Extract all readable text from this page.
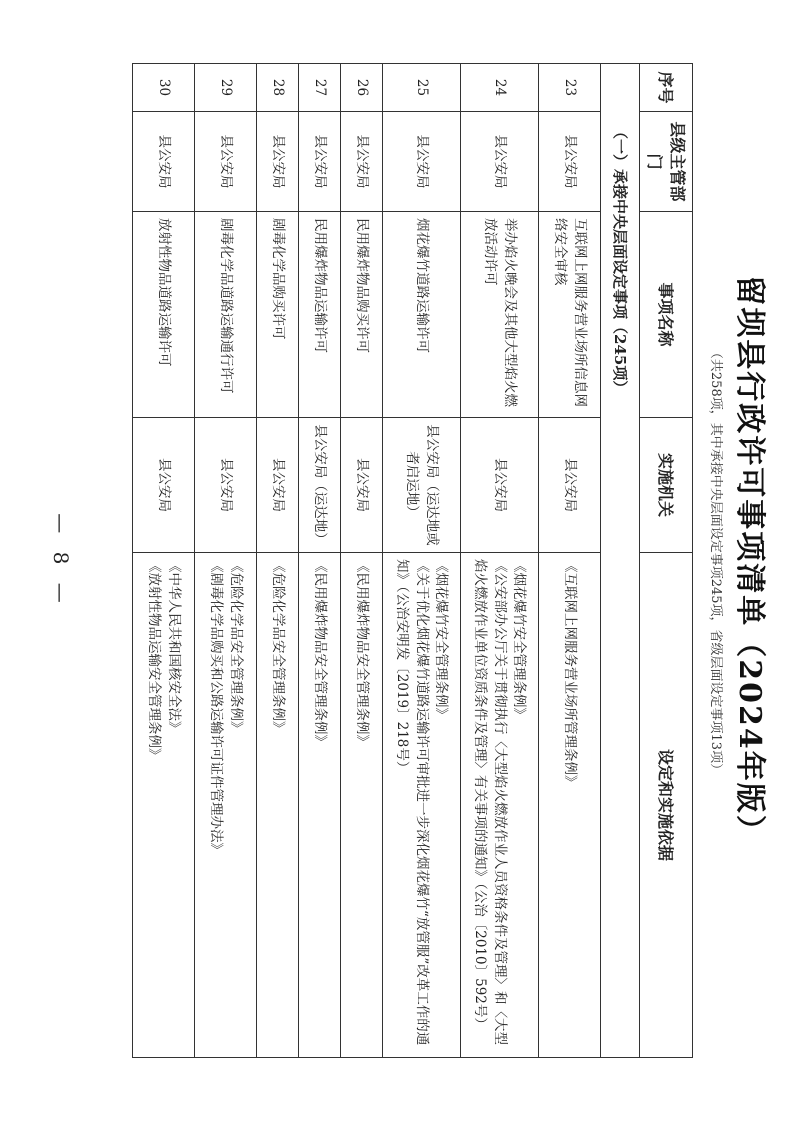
留坝县行政许可事项清单（2024年版）
（共258项，其中承接中央层面设定事项245项，省级层面设定事项13项）
序号	县级主管部门	事项名称	实施机关	设定和实施依据
（一）承接中央层面设定事项（245项）				
23	县公安局	互联网上网服务营业场所信息网络安全审核	县公安局	《互联网上网服务营业场所管理条例》

24	县公安局	举办焰火晚会及其他大型焰火燃放活动许可	县公安局	《烟花爆竹安全管理条例》
《公安部办公厅关于贯彻执行〈大型焰火燃放作业人员资格条件及管理〉和〈大型焰火燃放作业单位资质条件及管理〉有关事项的通知》（公治〔2010〕592号）

25	县公安局	烟花爆竹道路运输许可	县公安局（运达地或者启运地）	《烟花爆竹安全管理条例》
《关于优化烟花爆竹道路运输许可审批进一步深化烟花爆竹“放管服”改革工作的通知》（公治安明发〔2019〕218号）

26	县公安局	民用爆炸物品购买许可	县公安局	《民用爆炸物品安全管理条例》

27	县公安局	民用爆炸物品运输许可	县公安局（运达地）	《民用爆炸物品安全管理条例》

28	县公安局	剧毒化学品购买许可	县公安局	《危险化学品安全管理条例》

29	县公安局	剧毒化学品道路运输通行许可	县公安局	《危险化学品安全管理条例》
《剧毒化学品购买和公路运输许可证件管理办法》

30	县公安局	放射性物品道路运输许可	县公安局	《中华人民共和国核安全法》
《放射性物品运输安全管理条例》
— 8 —
